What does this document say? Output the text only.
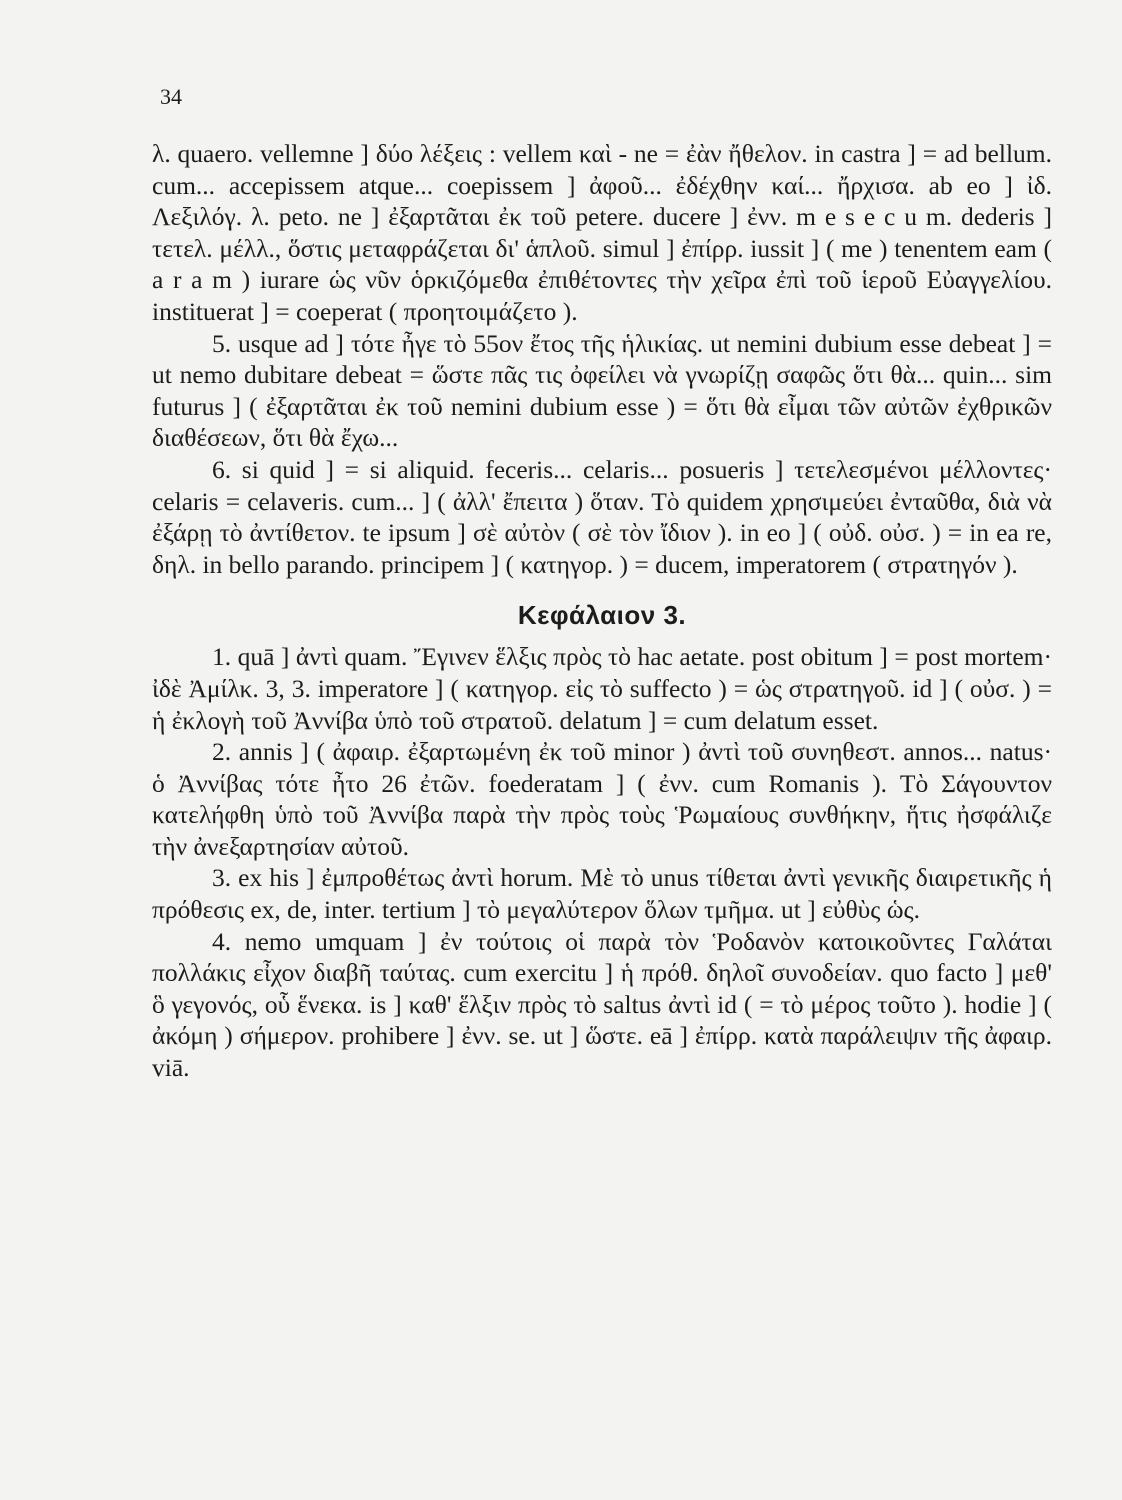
34

λ. quaero. vellemne ] δύο λέξεις : vellem καὶ - ne = ἐὰν ἤθελον. in castra ] = ad bellum. cum... accepissem atque... coepissem ] ἀφοῦ... ἐδέχθην καί... ἤρχισα. ab eo ] ἰδ. Λεξιλόγ. λ. peto. ne ] ἐξαρτᾶται ἐκ τοῦ petere. ducere ] ἐνν. m e s e c u m. dederis ] τετελ. μέλλ., ὅστις μεταφράζεται δι' ἁπλοῦ. simul ] ἐπίρρ. iussit ] ( me ) tenentem eam ( a r a m ) iurare ὡς νῦν ὁρκιζόμεθα ἐπιθέτοντες τὴν χεῖρα ἐπὶ τοῦ ἱεροῦ Εὐαγγελίου. instituerat ] = coeperat ( προητοιμάζετο ).

5. usque ad ] τότε ἦγε τὸ 55ον ἔτος τῆς ἡλικίας. ut nemini dubium esse debeat ] = ut nemo dubitare debeat = ὥστε πᾶς τις ὀφείλει νὰ γνωρίζῃ σαφῶς ὅτι θὰ... quin... sim futurus ] ( ἐξαρτᾶται ἐκ τοῦ nemini dubium esse ) = ὅτι θὰ εἶμαι τῶν αὐτῶν ἐχθρικῶν διαθέσεων, ὅτι θὰ ἔχω...

6. si quid ] = si aliquid. feceris... celaris... posueris ] τετελεσμένοι μέλλοντες· celaris = celaveris. cum... ] ( ἀλλ' ἔπειτα ) ὅταν. Τὸ quidem χρησιμεύει ἐνταῦθα, διὰ νὰ ἐξάρῃ τὸ ἀντίθετον. te ipsum ] σὲ αὐτὸν ( σὲ τὸν ἴδιον ). in eo ] ( οὐδ. οὐσ. ) = in ea re, δηλ. in bello parando. principem ] ( κατηγορ. ) = ducem, imperatorem ( στρατηγόν ).

Κεφάλαιον 3.

1. quā ] ἀντὶ quam. Ἔγινεν ἕλξις πρὸς τὸ hac aetate. post obitum ] = post mortem· ἰδὲ Ἀμίλκ. 3, 3. imperatore ] ( κατηγορ. εἰς τὸ suffecto ) = ὡς στρατηγοῦ. id ] ( οὐσ. ) = ἡ ἐκλογὴ τοῦ Ἀννίβα ὑπὸ τοῦ στρατοῦ. delatum ] = cum delatum esset.

2. annis ] ( ἀφαιρ. ἐξαρτωμένη ἐκ τοῦ minor ) ἀντὶ τοῦ συνηθεστ. annos... natus· ὁ Ἀννίβας τότε ἦτο 26 ἐτῶν. foederatam ] ( ἐνν. cum Romanis ). Τὸ Σάγουντον κατελήφθη ὑπὸ τοῦ Ἀννίβα παρὰ τὴν πρὸς τοὺς Ῥωμαίους συνθήκην, ἥτις ἠσφάλιζε τὴν ἀνεξαρτησίαν αὐτοῦ.

3. ex his ] ἐμπροθέτως ἀντὶ horum. Μὲ τὸ unus τίθεται ἀντὶ γενικῆς διαιρετικῆς ἡ πρόθεσις ex, de, inter. tertium ] τὸ μεγαλύτερον ὅλων τμῆμα. ut ] εὐθὺς ὡς.

4. nemo umquam ] ἐν τούτοις οἱ παρὰ τὸν Ῥοδανὸν κατοικοῦντες Γαλάται πολλάκις εἶχον διαβῆ ταύτας. cum exercitu ] ἡ πρόθ. δηλοῖ συνοδείαν. quo facto ] μεθ' ὃ γεγονός, οὗ ἕνεκα. is ] καθ' ἕλξιν πρὸς τὸ saltus ἀντὶ id ( = τὸ μέρος τοῦτο ). hodie ] ( ἀκόμη ) σήμερον. prohibere ] ἐνν. se. ut ] ὥστε. eā ] ἐπίρρ. κατὰ παράλειψιν τῆς ἀφαιρ. viā.
